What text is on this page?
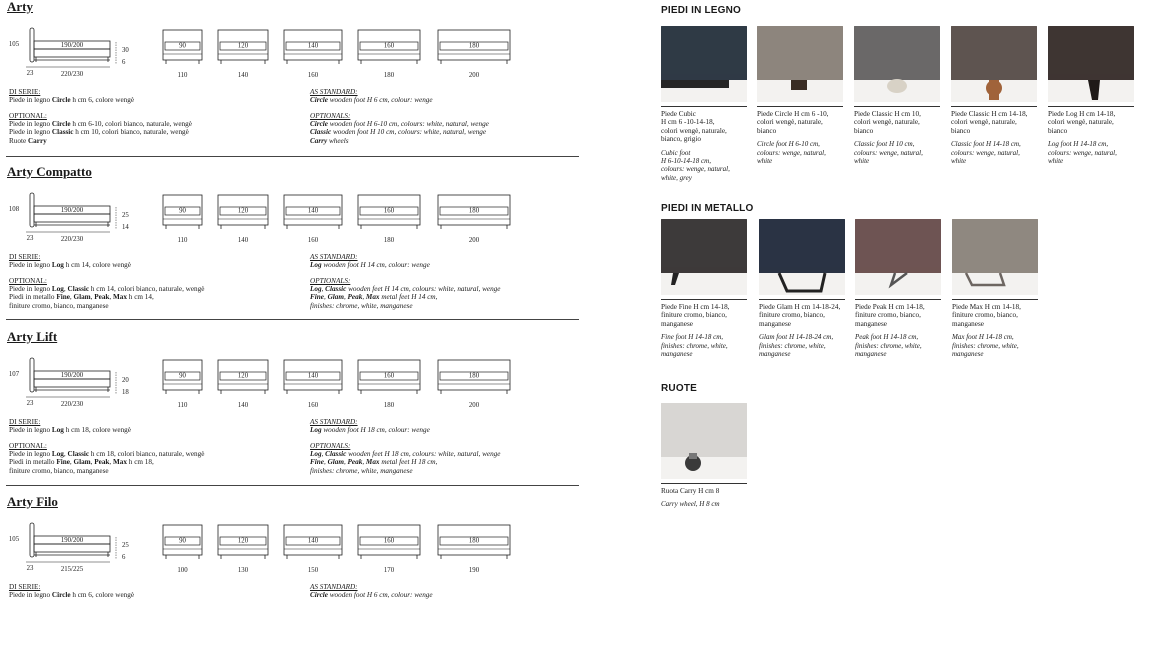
Arty
105	190/200
30
6
23	220/230
90
110
120
140
140
160
160
180
180
200
DI SERIE:
Piede in legno Circle h cm 6, colore wengè
OPTIONAL:
Piede in legno Circle h cm 6-10, colori bianco, naturale, wengè
Piede in legno Classic h cm 10, colori bianco, naturale, wengè
Ruote Carry
AS STANDARD:
Circle wooden foot H 6 cm, colour: wenge
OPTIONALS:
Circle wooden foot H 6-10 cm, colours: white, natural, wenge
Classic wooden foot H 10 cm, colours: white, natural, wenge
Carry wheels
Arty Compatto
108	190/200
25
14
23	220/230
90
110
120
140
140
160
160
180
180
200
DI SERIE:
Piede in legno Log h cm 14, colore wengè
OPTIONAL:
Piede in legno Log, Classic h cm 14, colori bianco, naturale, wengè
Piedi in metallo Fine, Glam, Peak, Max h cm 14,
finiture cromo, bianco, manganese
AS STANDARD:
Log wooden foot H 14 cm, colour: wenge
OPTIONALS:
Log, Classic wooden feet H 14 cm, colours: white, natural, wenge
Fine, Glam, Peak, Max metal feet H 14 cm,
finishes: chrome, white, manganese
Arty Lift
107	190/200
20
18
23	220/230
90
110
120
140
140
160
160
180
180
200
DI SERIE:
Piede in legno Log h cm 18, colore wengè
OPTIONAL:
Piede in legno Log, Classic h cm 18, colori bianco, naturale, wengè
Piedi in metallo Fine, Glam, Peak, Max h cm 18,
finiture cromo, bianco, manganese
AS STANDARD:
Log wooden foot H 18 cm, colour: wenge
OPTIONALS:
Log, Classic wooden feet H 18 cm, colours: white, natural, wenge
Fine, Glam, Peak, Max metal feet H 18 cm,
finishes: chrome, white, manganese
Arty Filo
105	190/200
25
6
23	215/225
90
100
120
130
140
150
160
170
180
190
DI SERIE:
Piede in legno Circle h cm 6, colore wengè
AS STANDARD:
Circle wooden foot H 6 cm, colour: wenge
PIEDI IN LEGNO
Piede Cubic
H cm 6 -10-14-18,
colori wengè, naturale,
bianco, grigio
Cubic foot
H 6-10-14-18 cm,
colours: wenge, natural,
white, grey
Piede Circle H cm 6 -10,
colori wengè, naturale,
bianco
Circle foot H 6-10 cm,
colours: wenge, natural,
white
Piede Classic H cm 10,
colori wengè, naturale,
bianco
Classic foot H 10 cm,
colours: wenge, natural,
white
Piede Classic H cm 14-18,
colori wengè, naturale,
bianco
Classic foot H 14-18 cm,
colours: wenge, natural,
white
Piede Log H cm 14-18,
colori wengè, naturale,
bianco
Log foot H 14-18 cm,
colours: wenge, natural,
white
PIEDI IN METALLO
Piede Fine H cm 14-18,
finiture cromo, bianco,
manganese
Fine foot H 14-18 cm,
finishes: chrome, white,
manganese
Piede Glam H cm 14-18-24,
finiture cromo, bianco,
manganese
Glam foot H 14-18-24 cm,
finishes: chrome, white,
manganese
Piede Peak H cm 14-18,
finiture cromo, bianco,
manganese
Peak foot H 14-18 cm,
finishes: chrome, white,
manganese
Piede Max H cm 14-18,
finiture cromo, bianco,
manganese
Max foot H 14-18 cm,
finishes: chrome, white,
manganese
RUOTE
Ruota Carry H cm 8
Carry wheel, H 8 cm
